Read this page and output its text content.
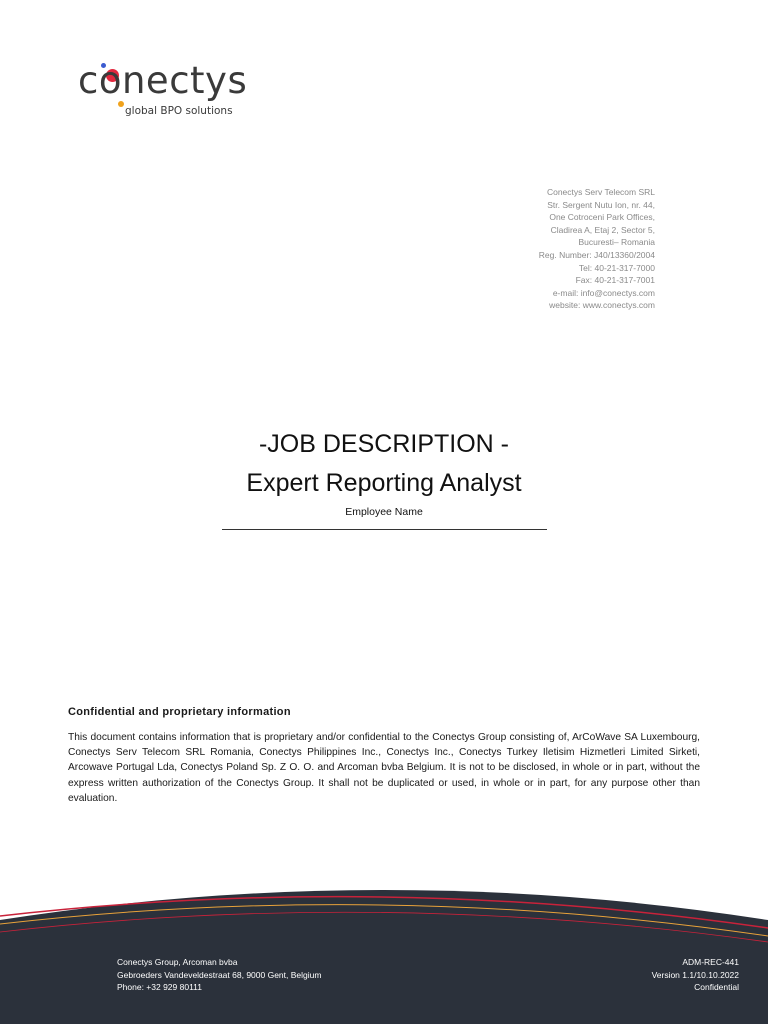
conectys
global BPO solutions
Conectys Serv Telecom SRL
Str. Sergent Nutu Ion, nr. 44,
One Cotroceni Park Offices,
Cladirea A, Etaj 2, Sector 5,
Bucuresti– Romania
Reg. Number: J40/13360/2004
Tel: 40-21-317-7000
Fax: 40-21-317-7001
e-mail: info@conectys.com
website: www.conectys.com
-JOB DESCRIPTION -
Expert Reporting Analyst
Employee Name
Confidential and proprietary information
This document contains information that is proprietary and/or confidential to the Conectys Group consisting of, ArCoWave SA Luxembourg, Conectys Serv Telecom SRL Romania, Conectys Philippines Inc., Conectys Inc., Conectys Turkey Iletisim Hizmetleri Limited Sirketi, Arcowave Portugal Lda, Conectys Poland Sp. Z O. O. and Arcoman bvba Belgium. It is not to be disclosed, in whole or in part, without the express written authorization of the Conectys Group. It shall not be duplicated or used, in whole or in part, for any purpose other than evaluation.
Conectys Group, Arcoman bvba
Gebroeders Vandeveldestraat 68, 9000 Gent, Belgium
Phone: +32 929 80111
ADM-REC-441
Version 1.1/10.10.2022
Confidential
